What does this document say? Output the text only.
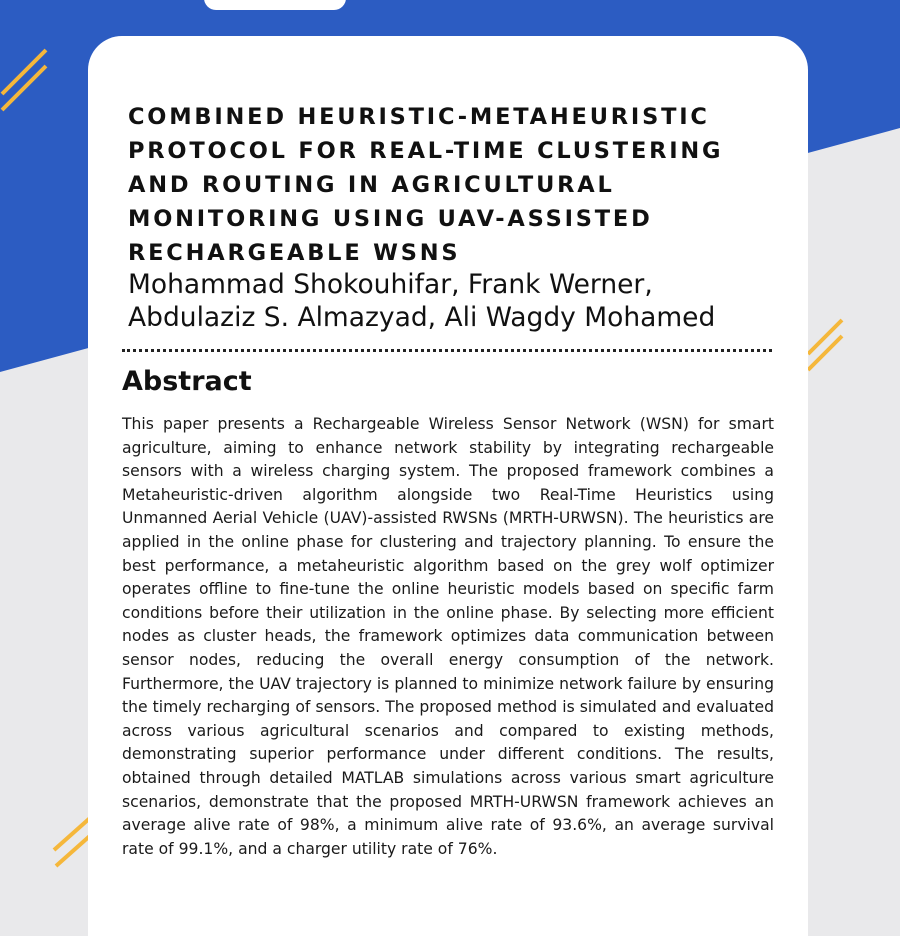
COMBINED HEURISTIC-METAHEURISTIC PROTOCOL FOR REAL-TIME CLUSTERING AND ROUTING IN AGRICULTURAL MONITORING USING UAV-ASSISTED RECHARGEABLE WSNS

Mohammad Shokouhifar, Frank Werner, Abdulaziz S. Almazyad, Ali Wagdy Mohamed

Abstract

This paper presents a Rechargeable Wireless Sensor Network (WSN) for smart agriculture, aiming to enhance network stability by integrating rechargeable sensors with a wireless charging system. The proposed framework combines a Metaheuristic-driven algorithm alongside two Real-Time Heuristics using Unmanned Aerial Vehicle (UAV)-assisted RWSNs (MRTH-URWSN). The heuristics are applied in the online phase for clustering and trajectory planning. To ensure the best performance, a metaheuristic algorithm based on the grey wolf optimizer operates offline to fine-tune the online heuristic models based on specific farm conditions before their utilization in the online phase. By selecting more efficient nodes as cluster heads, the framework optimizes data communication between sensor nodes, reducing the overall energy consumption of the network. Furthermore, the UAV trajectory is planned to minimize network failure by ensuring the timely recharging of sensors. The proposed method is simulated and evaluated across various agricultural scenarios and compared to existing methods, demonstrating superior performance under different conditions. The results, obtained through detailed MATLAB simulations across various smart agriculture scenarios, demonstrate that the proposed MRTH-URWSN framework achieves an average alive rate of 98%, a minimum alive rate of 93.6%, an average survival rate of 99.1%, and a charger utility rate of 76%.
